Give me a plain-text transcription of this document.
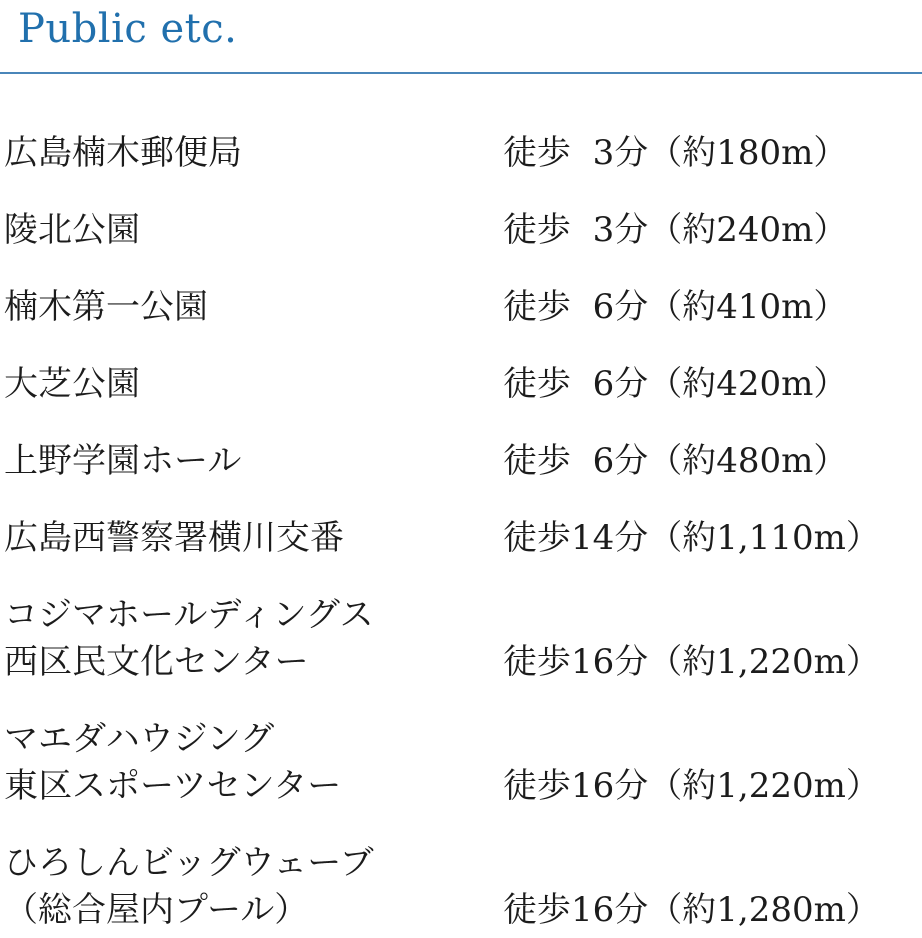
Public etc.
広島楠木郵便局	徒歩 3分（約180m）
陵北公園	徒歩 3分（約240m）
楠木第一公園	徒歩 6分（約410m）
大芝公園	徒歩 6分（約420m）
上野学園ホール	徒歩 6分（約480m）
広島西警察署横川交番	徒歩14分（約1,110m）
コジマホールディングス
西区民文化センター	徒歩16分（約1,220m）
マエダハウジング
東区スポーツセンター	徒歩16分（約1,220m）
ひろしんビッグウェーブ
（総合屋内プール）	徒歩16分（約1,280m）
